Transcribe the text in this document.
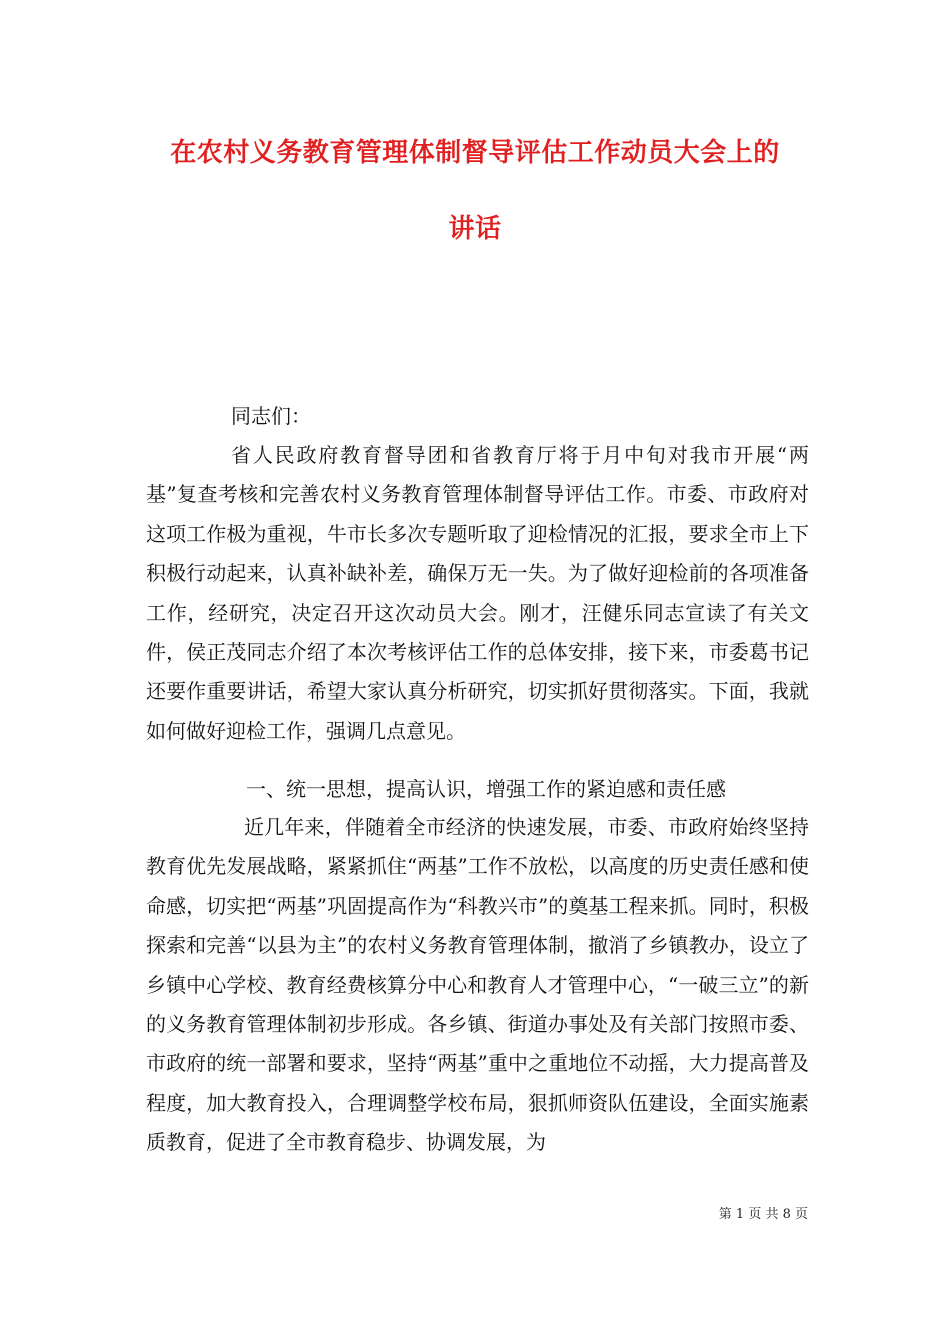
在农村义务教育管理体制督导评估工作动员大会上的
讲话
同志们：

省人民政府教育督导团和省教育厅将于月中旬对我市开展“两基”复查考核和完善农村义务教育管理体制督导评估工作。市委、市政府对这项工作极为重视，牛市长多次专题听取了迎检情况的汇报，要求全市上下积极行动起来，认真补缺补差，确保万无一失。为了做好迎检前的各项准备工作，经研究，决定召开这次动员大会。刚才，汪健乐同志宣读了有关文件，侯正茂同志介绍了本次考核评估工作的总体安排，接下来，市委葛书记还要作重要讲话，希望大家认真分析研究，切实抓好贯彻落实。下面，我就如何做好迎检工作，强调几点意见。

一、统一思想，提高认识，增强工作的紧迫感和责任感

近几年来，伴随着全市经济的快速发展，市委、市政府始终坚持教育优先发展战略，紧紧抓住“两基”工作不放松，以高度的历史责任感和使命感，切实把“两基”巩固提高作为“科教兴市”的奠基工程来抓。同时，积极探索和完善“以县为主”的农村义务教育管理体制，撤消了乡镇教办，设立了乡镇中心学校、教育经费核算分中心和教育人才管理中心，“一破三立”的新的义务教育管理体制初步形成。各乡镇、街道办事处及有关部门按照市委、市政府的统一部署和要求，坚持“两基”重中之重地位不动摇，大力提高普及程度，加大教育投入，合理调整学校布局，狠抓师资队伍建设，全面实施素质教育，促进了全市教育稳步、协调发展，为

第 1 页 共 8 页
